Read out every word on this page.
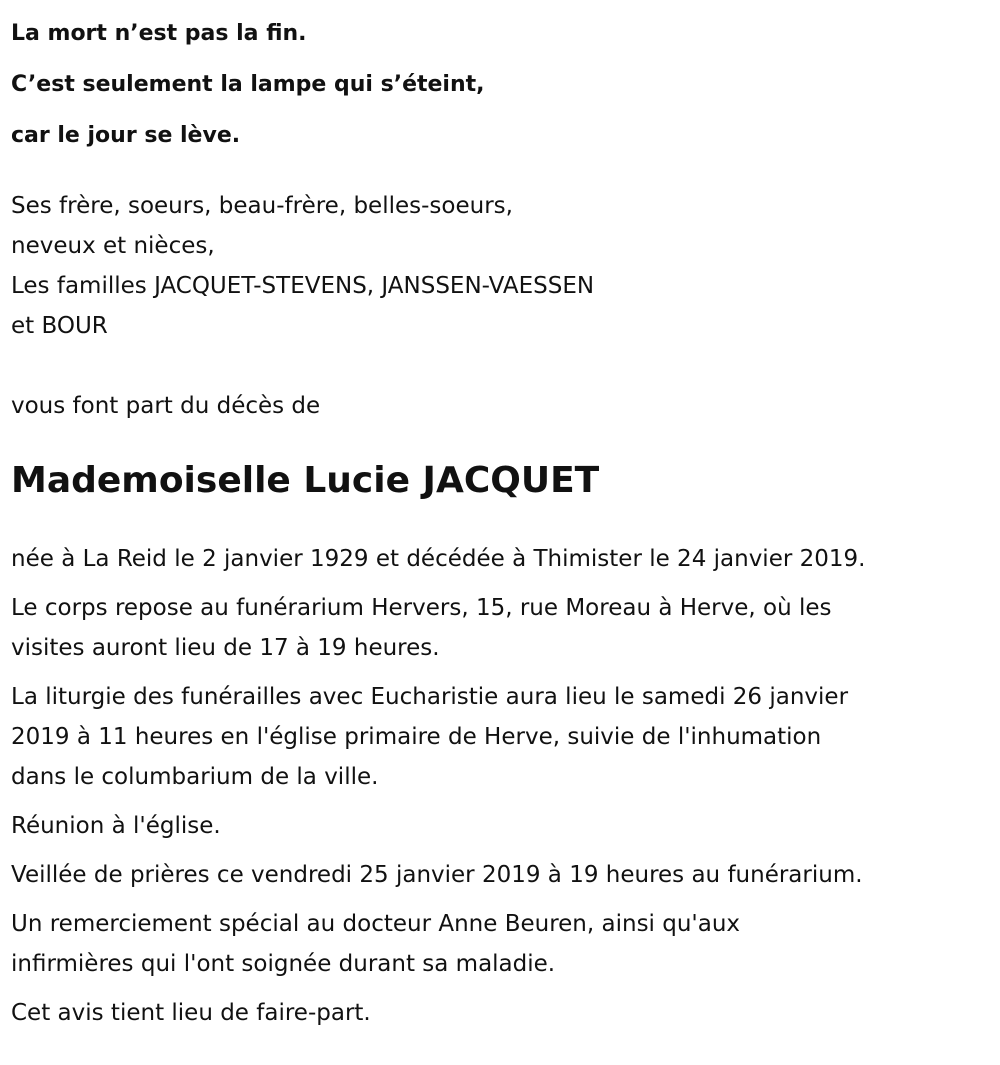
La mort n’est pas la fin.
C’est seulement la lampe qui s’éteint,
car le jour se lève.
Ses frère, soeurs, beau-frère, belles-soeurs,
neveux et nièces,
Les familles JACQUET-STEVENS, JANSSEN-VAESSEN
et BOUR
vous font part du décès de
Mademoiselle Lucie JACQUET

née à La Reid le 2 janvier 1929 et décédée à Thimister le 24 janvier 2019.

Le corps repose au funérarium Hervers, 15, rue Moreau à Herve, où les
visites auront lieu de 17 à 19 heures.

La liturgie des funérailles avec Eucharistie aura lieu le samedi 26 janvier
2019 à 11 heures en l'église primaire de Herve, suivie de l'inhumation
dans le columbarium de la ville.

Réunion à l'église.

Veillée de prières ce vendredi 25 janvier 2019 à 19 heures au funérarium.

Un remerciement spécial au docteur Anne Beuren, ainsi qu'aux
infirmières qui l'ont soignée durant sa maladie.

Cet avis tient lieu de faire-part.
